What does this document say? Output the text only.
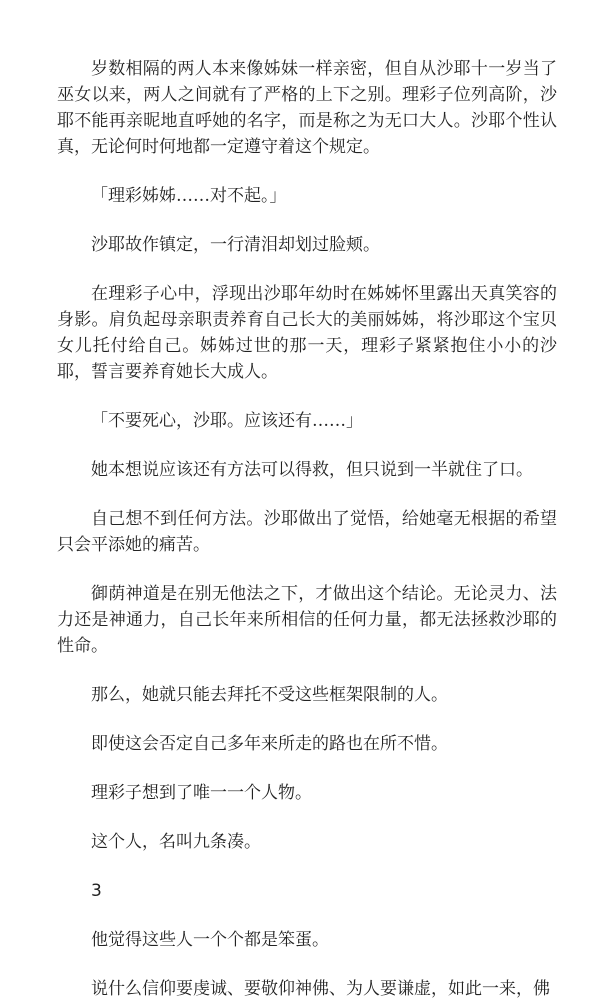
岁数相隔的两人本来像姊妹一样亲密，但自从沙耶十一岁当了巫女以来，两人之间就有了严格的上下之别。理彩子位列高阶，沙耶不能再亲昵地直呼她的名字，而是称之为无口大人。沙耶个性认真，无论何时何地都一定遵守着这个规定。

「理彩姊姊……对不起。」

沙耶故作镇定，一行清泪却划过脸颊。

在理彩子心中，浮现出沙耶年幼时在姊姊怀里露出天真笑容的身影。肩负起母亲职责养育自己长大的美丽姊姊，将沙耶这个宝贝女儿托付给自己。姊姊过世的那一天，理彩子紧紧抱住小小的沙耶，誓言要养育她长大成人。

「不要死心，沙耶。应该还有……」

她本想说应该还有方法可以得救，但只说到一半就住了口。

自己想不到任何方法。沙耶做出了觉悟，给她毫无根据的希望只会平添她的痛苦。

御荫神道是在别无他法之下，才做出这个结论。无论灵力、法力还是神通力，自己长年来所相信的任何力量，都无法拯救沙耶的性命。

那么，她就只能去拜托不受这些框架限制的人。

即使这会否定自己多年来所走的路也在所不惜。

理彩子想到了唯一一个人物。

这个人，名叫九条凑。

3

他觉得这些人一个个都是笨蛋。

说什么信仰要虔诚、要敬仰神佛、为人要谦虚，如此一来，佛
